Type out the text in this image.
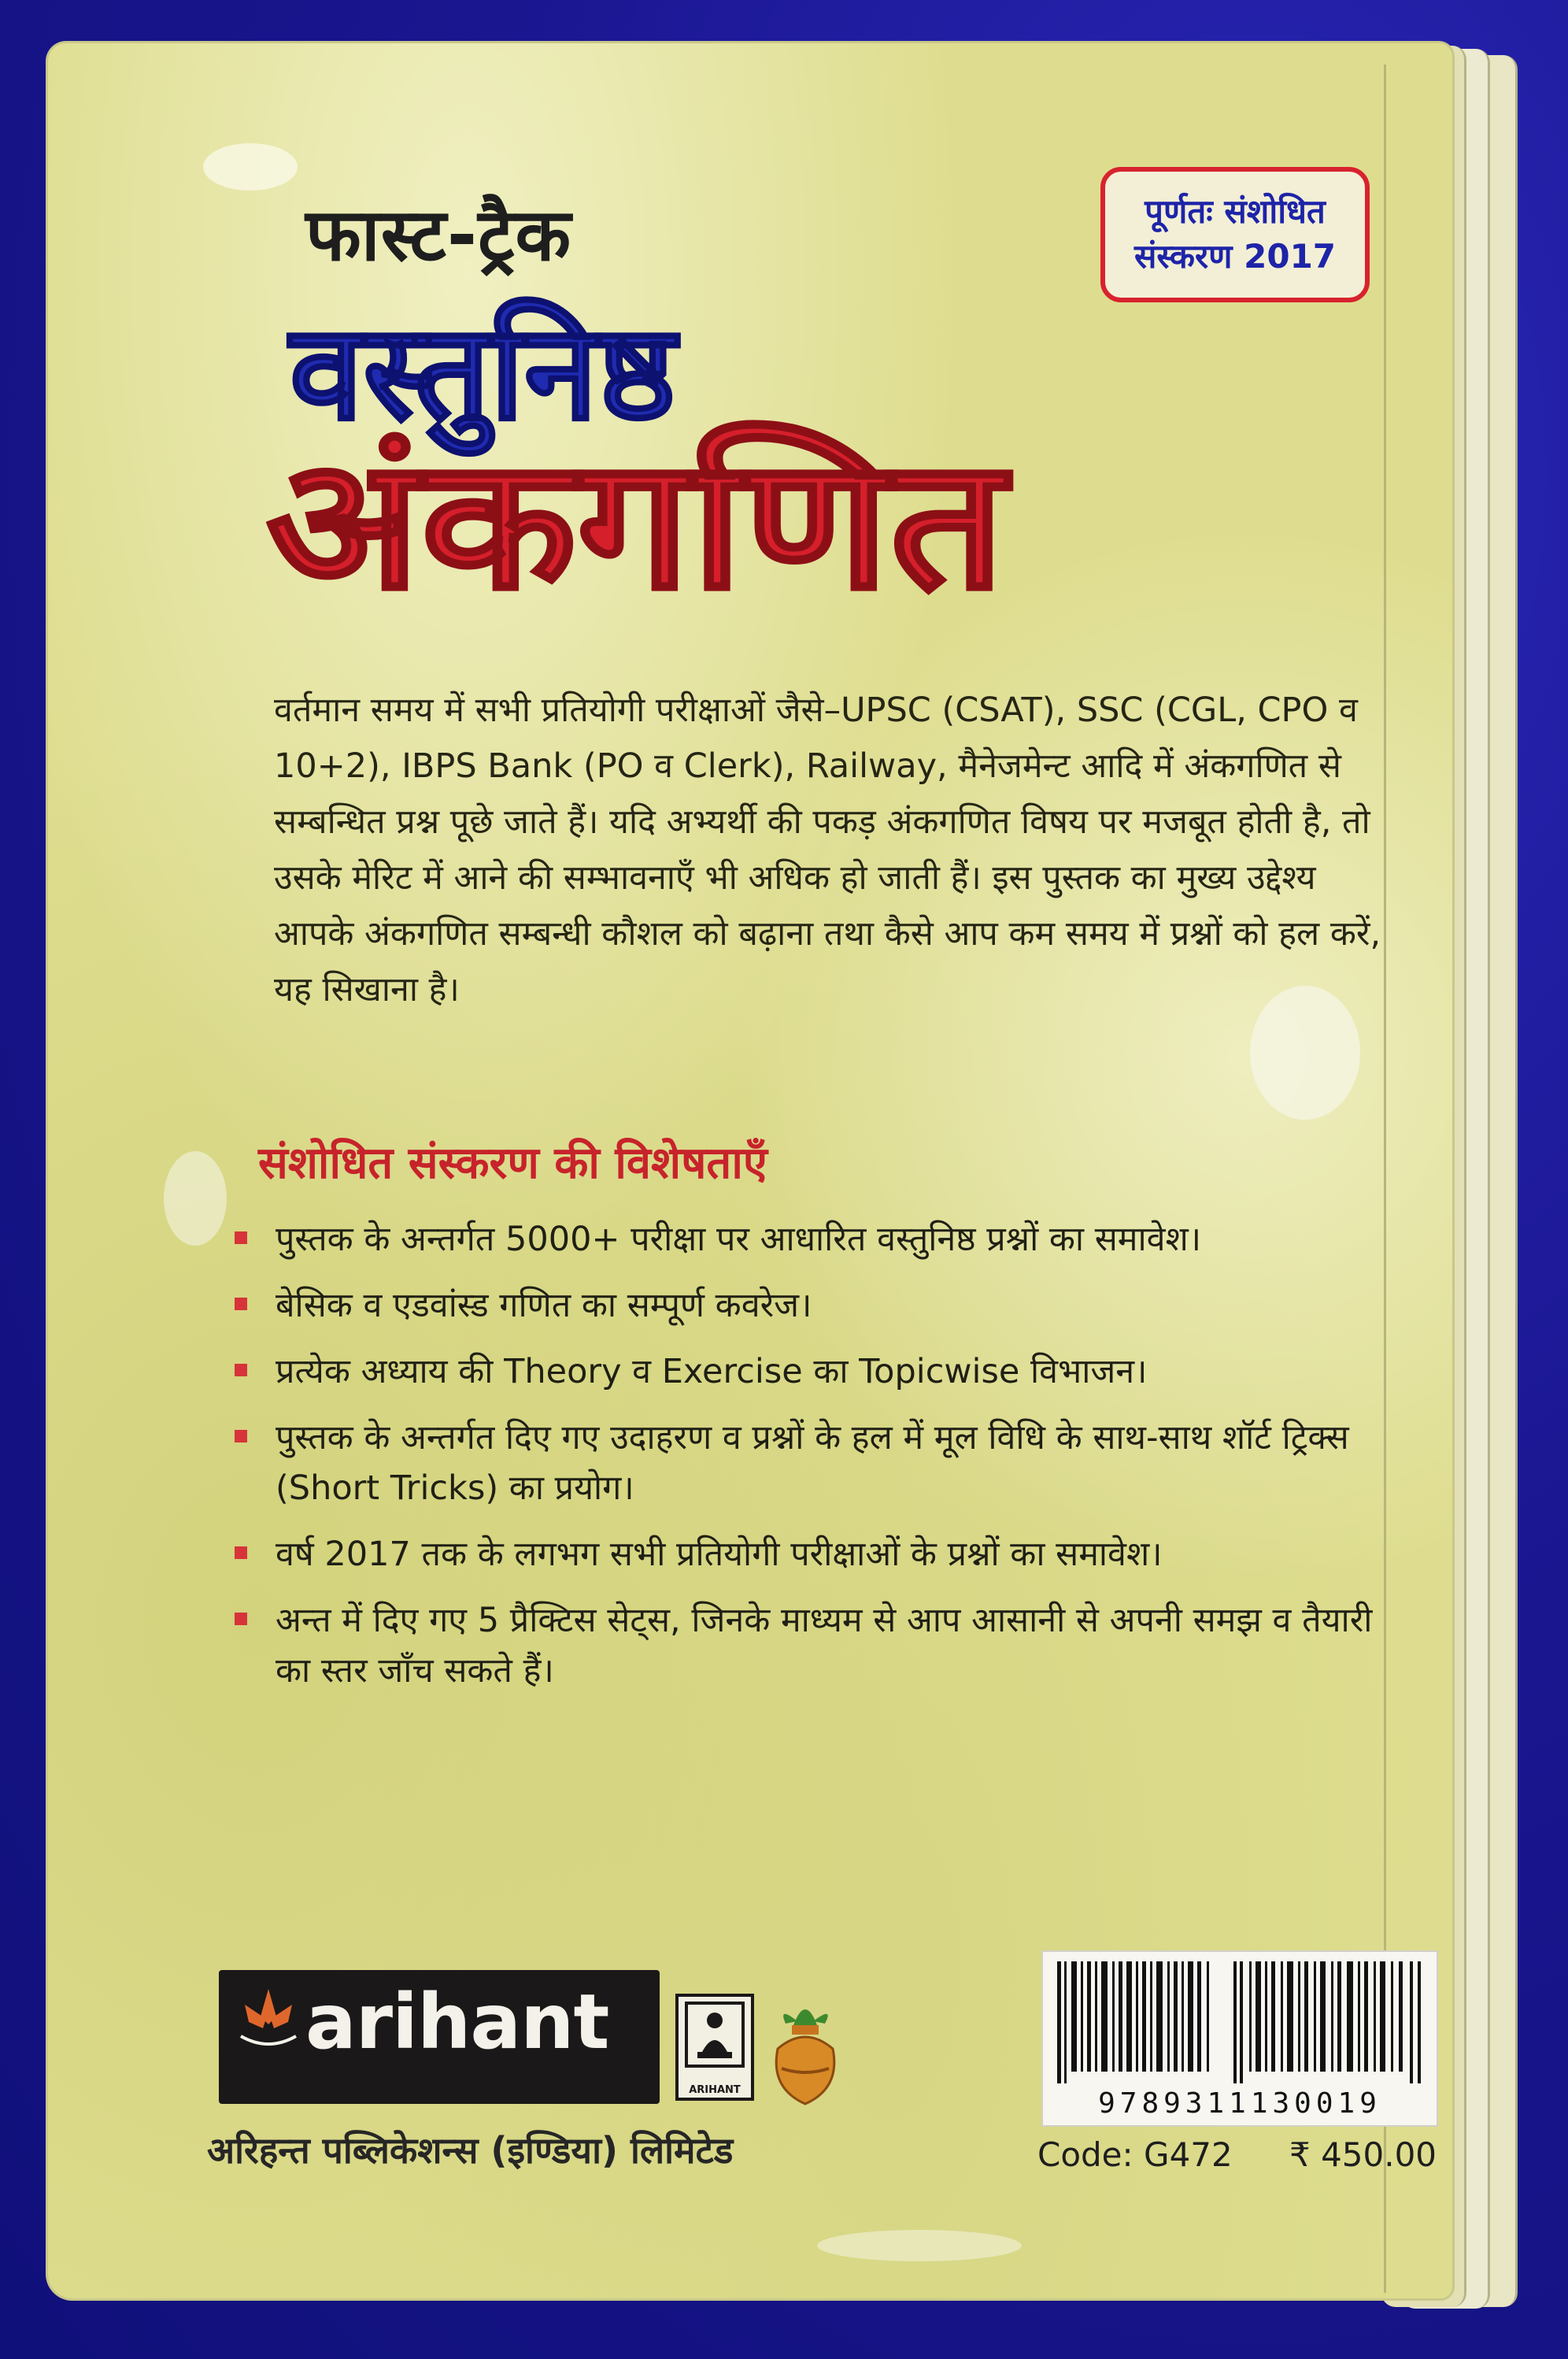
फास्ट-ट्रैक
वस्तुनिष्ठ
अंकगणित
पूर्णतः संशोधित
संस्करण 2017
वर्तमान समय में सभी प्रतियोगी परीक्षाओं जैसे–UPSC (CSAT), SSC (CGL, CPO व 10+2), IBPS Bank (PO व Clerk), Railway, मैनेजमेन्ट आदि में अंकगणित से सम्बन्धित प्रश्न पूछे जाते हैं। यदि अभ्यर्थी की पकड़ अंकगणित विषय पर मजबूत होती है, तो उसके मेरिट में आने की सम्भावनाएँ भी अधिक हो जाती हैं। इस पुस्तक का मुख्य उद्देश्य आपके अंकगणित सम्बन्धी कौशल को बढ़ाना तथा कैसे आप कम समय में प्रश्नों को हल करें, यह सिखाना है।
संशोधित संस्करण की विशेषताएँ
पुस्तक के अन्तर्गत 5000+ परीक्षा पर आधारित वस्तुनिष्ठ प्रश्नों का समावेश।
बेसिक व एडवांस्ड गणित का सम्पूर्ण कवरेज।
प्रत्येक अध्याय की Theory व Exercise का Topicwise विभाजन।
पुस्तक के अन्तर्गत दिए गए उदाहरण व प्रश्नों के हल में मूल विधि के साथ-साथ शॉर्ट ट्रिक्स (Short Tricks) का प्रयोग।
वर्ष 2017 तक के लगभग सभी प्रतियोगी परीक्षाओं के प्रश्नों का समावेश।
अन्त में दिए गए 5 प्रैक्टिस सेट्स, जिनके माध्यम से आप आसानी से अपनी समझ व तैयारी का स्तर जाँच सकते हैं।
arihant
ARIHANT
अरिहन्त पब्लिकेशन्स (इण्डिया) लिमिटेड
9789311130019
Code: G472 ₹ 450.00
